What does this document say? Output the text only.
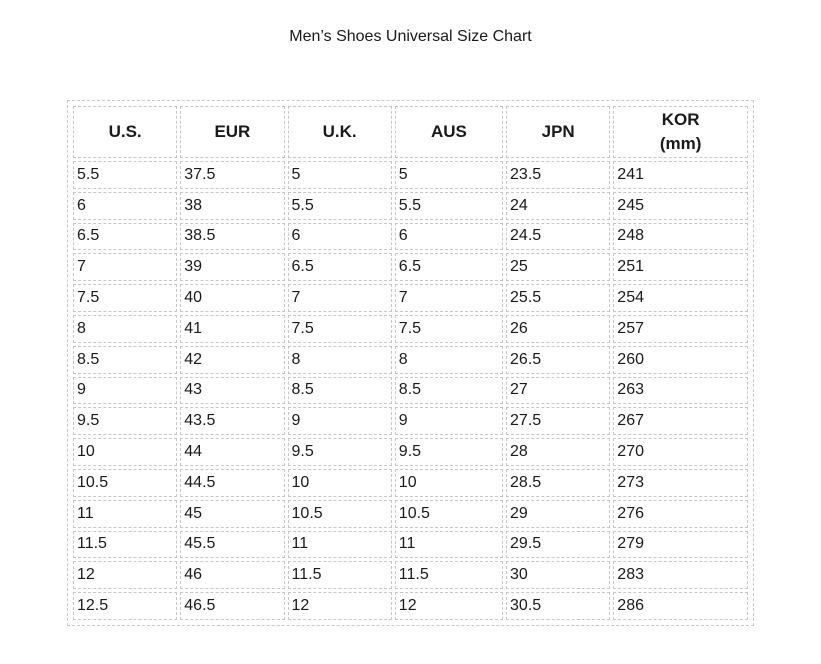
Men’s Shoes Universal Size Chart
U.S.	EUR	U.K.	AUS	JPN	KOR
(mm)

5.5	37.5	5	5	23.5	241
6	38	5.5	5.5	24	245
6.5	38.5	6	6	24.5	248
7	39	6.5	6.5	25	251
7.5	40	7	7	25.5	254
8	41	7.5	7.5	26	257
8.5	42	8	8	26.5	260
9	43	8.5	8.5	27	263
9.5	43.5	9	9	27.5	267
10	44	9.5	9.5	28	270
10.5	44.5	10	10	28.5	273
11	45	10.5	10.5	29	276
11.5	45.5	11	11	29.5	279
12	46	11.5	11.5	30	283
12.5	46.5	12	12	30.5	286
